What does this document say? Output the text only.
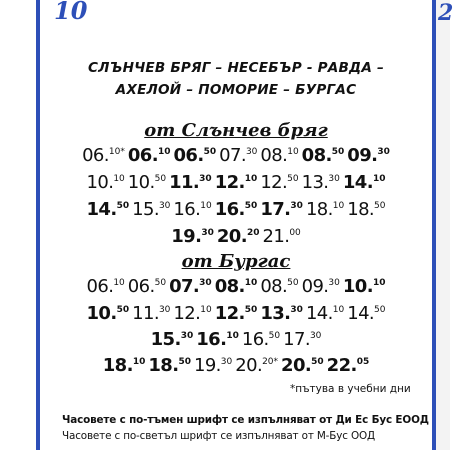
10	2
СЛЪНЧЕВ БРЯГ – НЕСЕБЪР - РАВДА –
АХЕЛОЙ – ПОМОРИЕ – БУРГАС
от Слънчев бряг
06.$^{10*}$ 06.10 06.50 07.30 08.10 08.50 09.30
10.10 10.50 11.30 12.10 12.50 13.30 14.10
14.50 15.30 16.10 16.50 17.30 18.10 18.50
19.30 20.20 21.00
от Бургас
06.10 06.50 07.30 08.10 08.50 09.30 10.10
10.50 11.30 12.10 12.50 13.30 14.10 14.50
15.30 16.10 16.50 17.30
18.10 18.50 19.30 20.$^{20*}$ 20.50 22.05
*пътува в учебни дни
Часовете с по-тъмен шрифт се изпълняват от Ди Ес Бус ЕООД
Часовете с по-светъл шрифт се изпълняват от М-Бус ООД
